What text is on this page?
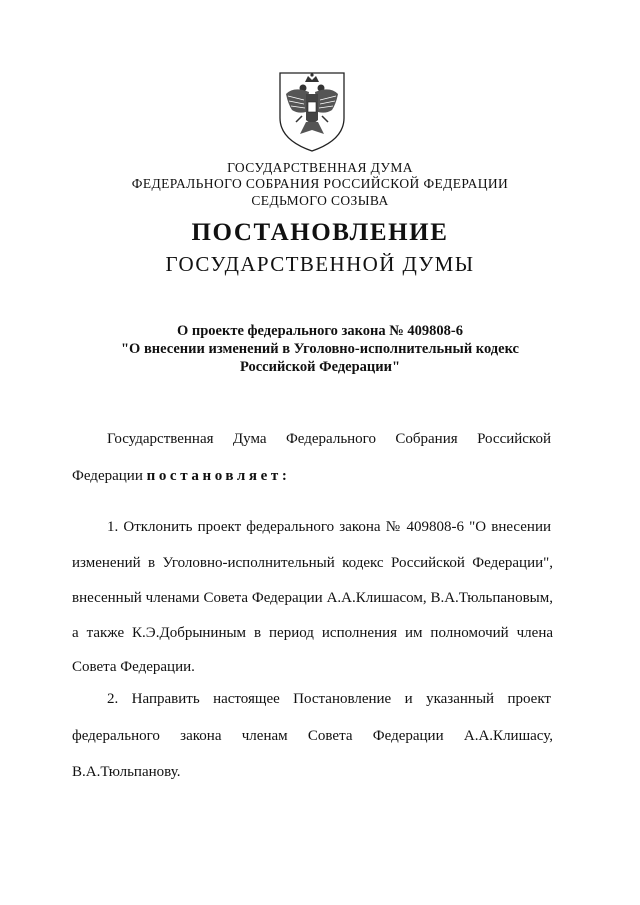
ГОСУДАРСТВЕННАЯ ДУМА
ФЕДЕРАЛЬНОГО СОБРАНИЯ РОССИЙСКОЙ ФЕДЕРАЦИИ
СЕДЬМОГО СОЗЫВА
ПОСТАНОВЛЕНИЕ
ГОСУДАРСТВЕННОЙ ДУМЫ
О проекте федерального закона № 409808-6
"О внесении изменений в Уголовно-исполнительный кодекс
Российской Федерации"
Государственная Дума Федерального Собрания Российской
Федерации постановляет:
1. Отклонить проект федерального закона № 409808-6 "О внесении
изменений в Уголовно-исполнительный кодекс Российской Федерации",
внесенный членами Совета Федерации А.А.Клишасом, В.А.Тюльпановым,
а также К.Э.Добрыниным в период исполнения им полномочий члена
Совета Федерации.
2. Направить настоящее Постановление и указанный проект
федерального закона членам Совета Федерации А.А.Клишасу,
В.А.Тюльпанову.
